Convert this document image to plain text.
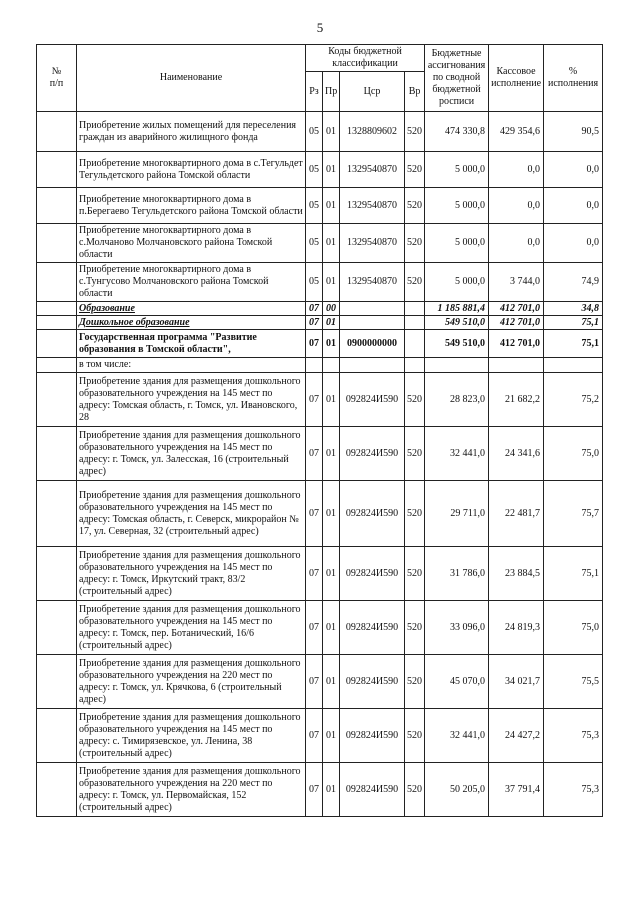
5
№
п/п	Наименование	Коды бюджетной классификации				Бюджетные ассигнования по сводной бюджетной росписи	Кассовое исполнение	% исполнения
		Рз	Пр	Цср	Вр			
	Приобретение жилых помещений для переселения граждан из аварийного жилищного фонда	05	01	1328809602	520	474 330,8	429 354,6	90,5
	Приобретение многоквартирного дома в с.Тегульдет Тегульдетского района Томской области	05	01	1329540870	520	5 000,0	0,0	0,0
	Приобретение многоквартирного дома в п.Берегаево Тегульдетского района Томской области	05	01	1329540870	520	5 000,0	0,0	0,0
	Приобретение многоквартирного дома в с.Молчаново Молчановского района Томской области	05	01	1329540870	520	5 000,0	0,0	0,0
	Приобретение многоквартирного дома в с.Тунгусово Молчановского района Томской области	05	01	1329540870	520	5 000,0	3 744,0	74,9
	Образование	07	00			1 185 881,4	412 701,0	34,8
	Дошкольное образование	07	01			549 510,0	412 701,0	75,1
	Государственная программа "Развитие образования в Томской области",	07	01	0900000000		549 510,0	412 701,0	75,1
	в том числе:							
	Приобретение здания для размещения дошкольного образовательного учреждения на 145 мест по адресу: Томская область, г. Томск, ул. Ивановского, 28	07	01	092824И590	520	28 823,0	21 682,2	75,2
	Приобретение здания для размещения дошкольного образовательного учреждения на 145 мест по адресу: г. Томск, ул. Залесская, 16 (строительный адрес)	07	01	092824И590	520	32 441,0	24 341,6	75,0
	Приобретение здания для размещения дошкольного образовательного учреждения на 145 мест по адресу: Томская область, г. Северск, микрорайон № 17, ул. Северная, 32 (строительный адрес)	07	01	092824И590	520	29 711,0	22 481,7	75,7
	Приобретение здания для размещения дошкольного образовательного учреждения на 145 мест по адресу: г. Томск, Иркутский тракт, 83/2 (строительный адрес)	07	01	092824И590	520	31 786,0	23 884,5	75,1
	Приобретение здания для размещения дошкольного образовательного учреждения на 145 мест по адресу: г. Томск, пер. Ботанический, 16/6 (строительный адрес)	07	01	092824И590	520	33 096,0	24 819,3	75,0
	Приобретение здания для размещения дошкольного образовательного учреждения на 220 мест по адресу: г. Томск, ул. Крячкова, 6 (строительный адрес)	07	01	092824И590	520	45 070,0	34 021,7	75,5
	Приобретение здания для размещения дошкольного образовательного учреждения на 145 мест по адресу: с. Тимирязевское, ул. Ленина, 38 (строительный адрес)	07	01	092824И590	520	32 441,0	24 427,2	75,3
	Приобретение здания для размещения дошкольного образовательного учреждения на 220 мест по адресу: г. Томск, ул. Первомайская, 152 (строительный адрес)	07	01	092824И590	520	50 205,0	37 791,4	75,3
